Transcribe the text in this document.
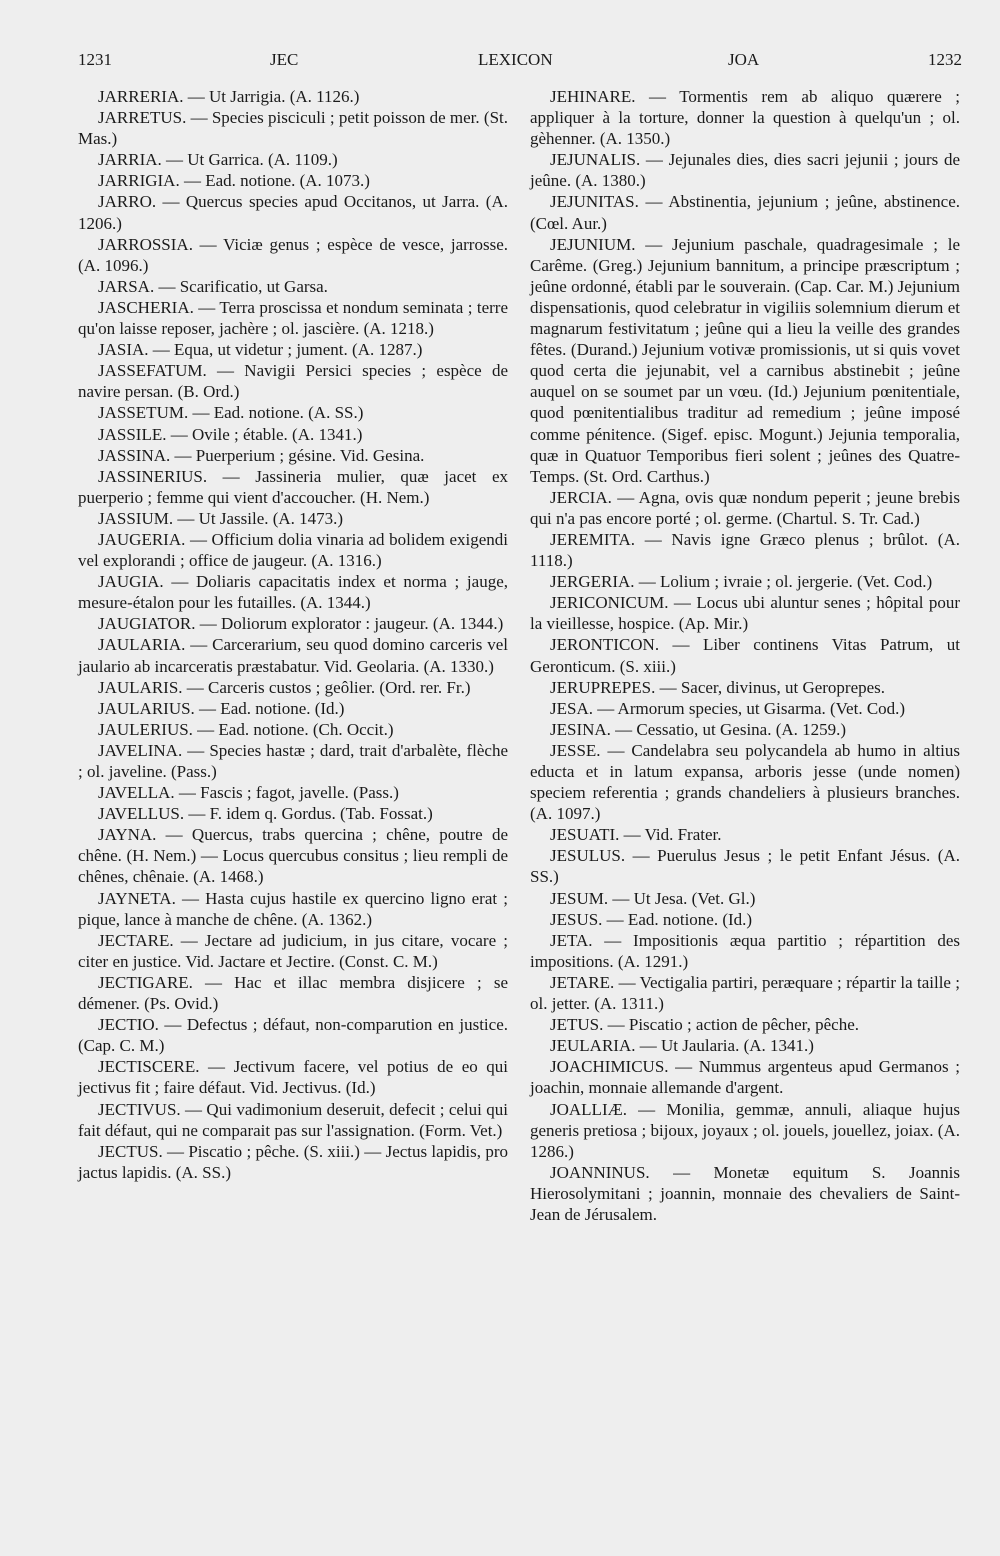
1231	JEC	LEXICON	JOA	1232

JARRERIA. — Ut Jarrigia. (A. 1126.)

JARRETUS. — Species pisciculi ; petit poisson de mer. (St. Mas.)

JARRIA. — Ut Garrica. (A. 1109.)

JARRIGIA. — Ead. notione. (A. 1073.)

JARRO. — Quercus species apud Occitanos, ut Jarra. (A. 1206.)

JARROSSIA. — Viciæ genus ; espèce de vesce, jarrosse. (A. 1096.)

JARSA. — Scarificatio, ut Garsa.

JASCHERIA. — Terra proscissa et nondum seminata ; terre qu'on laisse reposer, jachère ; ol. jascière. (A. 1218.)

JASIA. — Equa, ut videtur ; jument. (A. 1287.)

JASSEFATUM. — Navigii Persici species ; espèce de navire persan. (B. Ord.)

JASSETUM. — Ead. notione. (A. SS.)

JASSILE. — Ovile ; étable. (A. 1341.)

JASSINA. — Puerperium ; gésine. Vid. Gesina.

JASSINERIUS. — Jassineria mulier, quæ jacet ex puerperio ; femme qui vient d'accoucher. (H. Nem.)

JASSIUM. — Ut Jassile. (A. 1473.)

JAUGERIA. — Officium dolia vinaria ad bolidem exigendi vel explorandi ; office de jaugeur. (A. 1316.)

JAUGIA. — Doliaris capacitatis index et norma ; jauge, mesure-étalon pour les futailles. (A. 1344.)

JAUGIATOR. — Doliorum explorator : jaugeur. (A. 1344.)

JAULARIA. — Carcerarium, seu quod domino carceris vel jaulario ab incarceratis præstabatur. Vid. Geolaria. (A. 1330.)

JAULARIS. — Carceris custos ; geôlier. (Ord. rer. Fr.)

JAULARIUS. — Ead. notione. (Id.)

JAULERIUS. — Ead. notione. (Ch. Occit.)

JAVELINA. — Species hastæ ; dard, trait d'arbalète, flèche ; ol. javeline. (Pass.)

JAVELLA. — Fascis ; fagot, javelle. (Pass.)

JAVELLUS. — F. idem q. Gordus. (Tab. Fossat.)

JAYNA. — Quercus, trabs quercina ; chêne, poutre de chêne. (H. Nem.) — Locus quercubus consitus ; lieu rempli de chênes, chênaie. (A. 1468.)

JAYNETA. — Hasta cujus hastile ex quercino ligno erat ; pique, lance à manche de chêne. (A. 1362.)

JECTARE. — Jectare ad judicium, in jus citare, vocare ; citer en justice. Vid. Jactare et Jectire. (Const. C. M.)

JECTIGARE. — Hac et illac membra disjicere ; se démener. (Ps. Ovid.)

JECTIO. — Defectus ; défaut, non-comparution en justice. (Cap. C. M.)

JECTISCERE. — Jectivum facere, vel potius de eo qui jectivus fit ; faire défaut. Vid. Jectivus. (Id.)

JECTIVUS. — Qui vadimonium deseruit, defecit ; celui qui fait défaut, qui ne comparait pas sur l'assignation. (Form. Vet.)

JECTUS. — Piscatio ; pêche. (S. xiii.) — Jectus lapidis, pro jactus lapidis. (A. SS.)

JEHINARE. — Tormentis rem ab aliquo quærere ; appliquer à la torture, donner la question à quelqu'un ; ol. gèhenner. (A. 1350.)

JEJUNALIS. — Jejunales dies, dies sacri jejunii ; jours de jeûne. (A. 1380.)

JEJUNITAS. — Abstinentia, jejunium ; jeûne, abstinence. (Cœl. Aur.)

JEJUNIUM. — Jejunium paschale, quadragesimale ; le Carême. (Greg.) Jejunium bannitum, a principe præscriptum ; jeûne ordonné, établi par le souverain. (Cap. Car. M.) Jejunium dispensationis, quod celebratur in vigiliis solemnium dierum et magnarum festivitatum ; jeûne qui a lieu la veille des grandes fêtes. (Durand.) Jejunium votivæ promissionis, ut si quis vovet quod certa die jejunabit, vel a carnibus abstinebit ; jeûne auquel on se soumet par un vœu. (Id.) Jejunium pœnitentiale, quod pœnitentialibus traditur ad remedium ; jeûne imposé comme pénitence. (Sigef. episc. Mogunt.) Jejunia temporalia, quæ in Quatuor Temporibus fieri solent ; jeûnes des Quatre-Temps. (St. Ord. Carthus.)

JERCIA. — Agna, ovis quæ nondum peperit ; jeune brebis qui n'a pas encore porté ; ol. germe. (Chartul. S. Tr. Cad.)

JEREMITA. — Navis igne Græco plenus ; brûlot. (A. 1118.)

JERGERIA. — Lolium ; ivraie ; ol. jergerie. (Vet. Cod.)

JERICONICUM. — Locus ubi aluntur senes ; hôpital pour la vieillesse, hospice. (Ap. Mir.)

JERONTICON. — Liber continens Vitas Patrum, ut Geronticum. (S. xiii.)

JERUPREPES. — Sacer, divinus, ut Geroprepes.

JESA. — Armorum species, ut Gisarma. (Vet. Cod.)

JESINA. — Cessatio, ut Gesina. (A. 1259.)

JESSE. — Candelabra seu polycandela ab humo in altius educta et in latum expansa, arboris jesse (unde nomen) speciem referentia ; grands chandeliers à plusieurs branches. (A. 1097.)

JESUATI. — Vid. Frater.

JESULUS. — Puerulus Jesus ; le petit Enfant Jésus. (A. SS.)

JESUM. — Ut Jesa. (Vet. Gl.)

JESUS. — Ead. notione. (Id.)

JETA. — Impositionis æqua partitio ; répartition des impositions. (A. 1291.)

JETARE. — Vectigalia partiri, peræquare ; répartir la taille ; ol. jetter. (A. 1311.)

JETUS. — Piscatio ; action de pêcher, pêche.

JEULARIA. — Ut Jaularia. (A. 1341.)

JOACHIMICUS. — Nummus argenteus apud Germanos ; joachin, monnaie allemande d'argent.

JOALLIÆ. — Monilia, gemmæ, annuli, aliaque hujus generis pretiosa ; bijoux, joyaux ; ol. jouels, jouellez, joiax. (A. 1286.)

JOANNINUS. — Monetæ equitum S. Joannis Hierosolymitani ; joannin, monnaie des chevaliers de Saint-Jean de Jérusalem.
